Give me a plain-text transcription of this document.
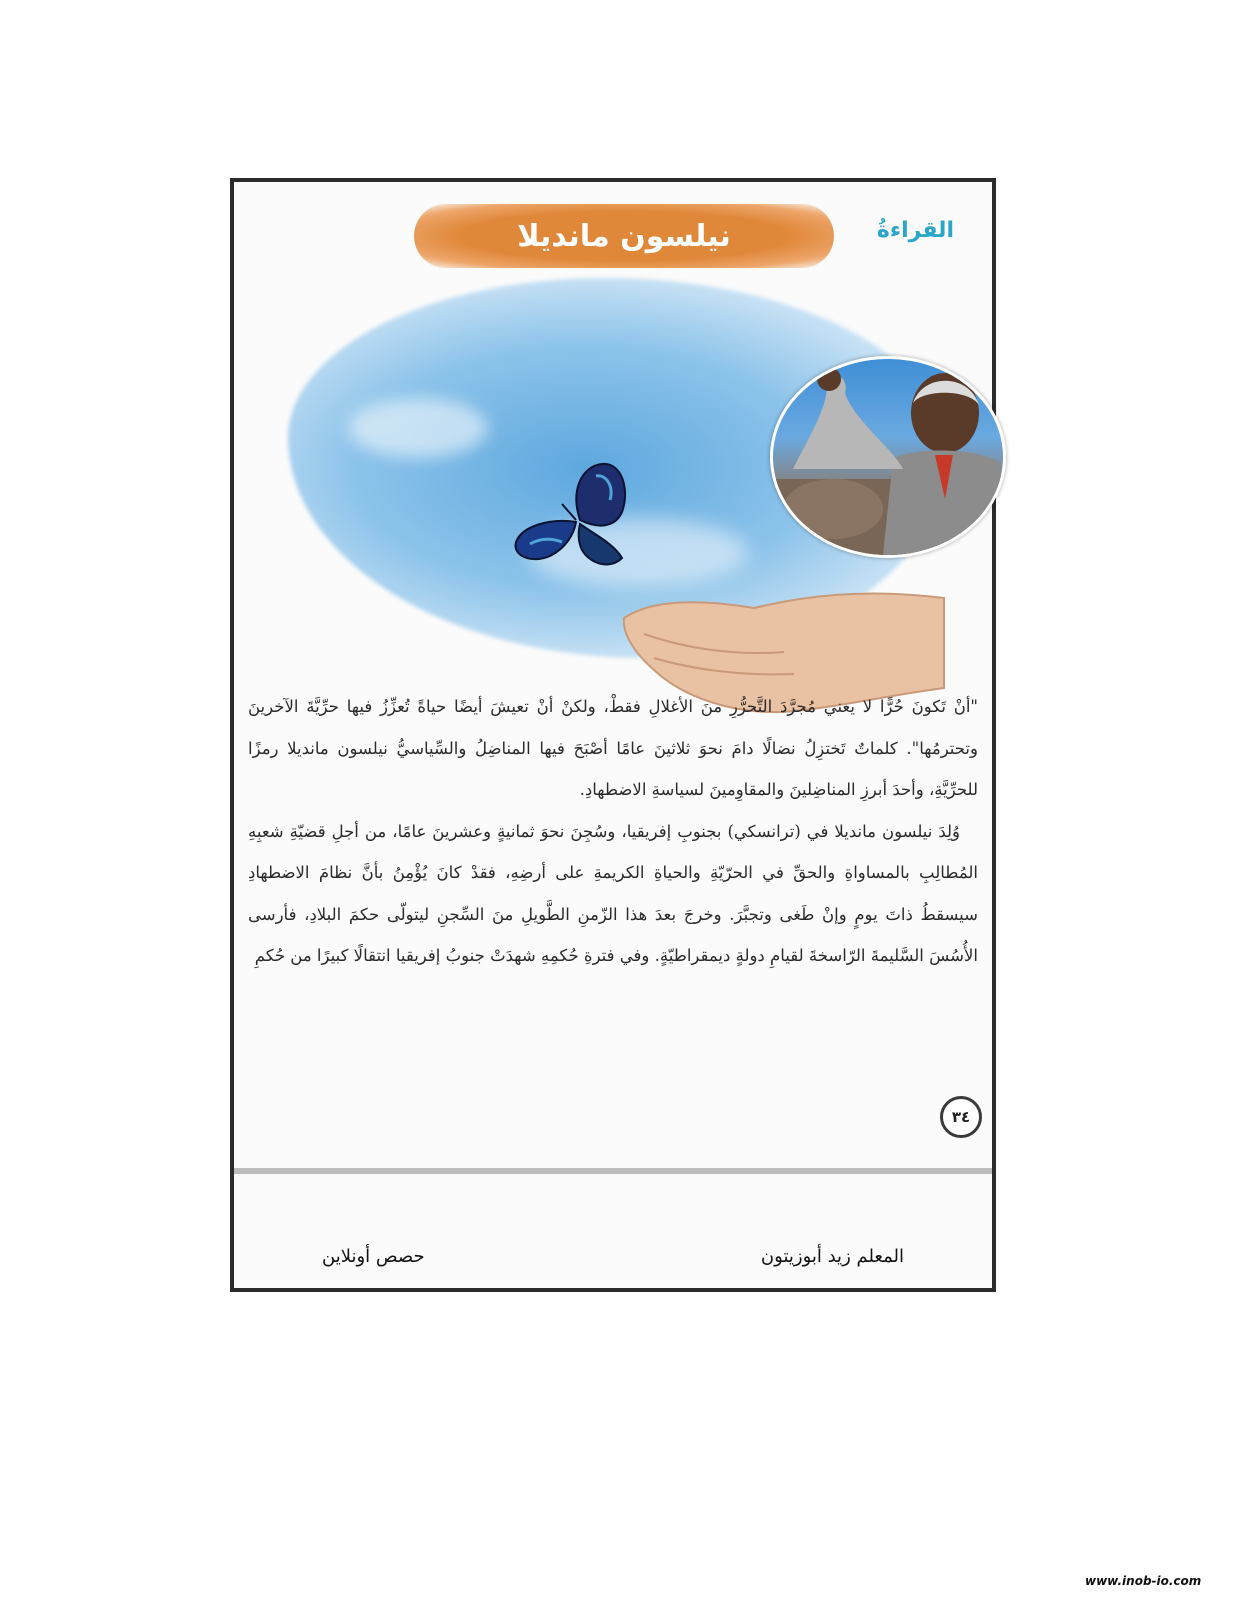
نيلسون مانديلا	القراءةُ

"أنْ تَكونَ حُرًّا لا يعني مُجرَّدَ التَّحرُّرِ منَ الأغلالِ فقطْ، ولكنْ أنْ تعيشَ أيضًا حياةً تُعزِّزُ فيها حرِّيَّةَ الآخرينَ وتحترمُها". كلماتٌ تَختزِلُ نضالًا دامَ نحوَ ثلاثينَ عامًا أصْبَحَ فيها المناضِلُ والسِّياسيُّ نيلسون مانديلا رمزًا للحرِّيَّةِ، وأحدَ أبرزِ المناضِلينَ والمقاوِمينَ لسياسةِ الاضطهادِ.

وُلِدَ نيلسون مانديلا في (ترانسكي) بجنوبِ إفريقيا، وسُجِنَ نحوَ ثمانيةٍ وعشرينَ عامًا، من أجلِ قضيّةِ شعبِهِ المُطالِبِ بالمساواةِ والحقِّ في الحرّيّةِ والحياةِ الكريمةِ على أرضِهِ، فقدْ كانَ يُؤْمِنُ بأنَّ نظامَ الاضطهادِ سيسقطُ ذاتَ يومٍ وإنْ طَغى وتجبَّرَ. وخرجَ بعدَ هذا الزّمنِ الطَّويلِ منَ السِّجنِ ليتولّى حكمَ البلادِ، فأرسى الأُسُسَ السَّليمةَ الرّاسخةَ لقيامِ دولةٍ ديمقراطيّةٍ. وفي فترةِ حُكمِهِ شهدَتْ جنوبُ إفريقيا انتقالًا كبيرًا من حُكمِ

٣٤
المعلم زيد أبوزيتون
حصص أونلاين
www.inob-io.com
